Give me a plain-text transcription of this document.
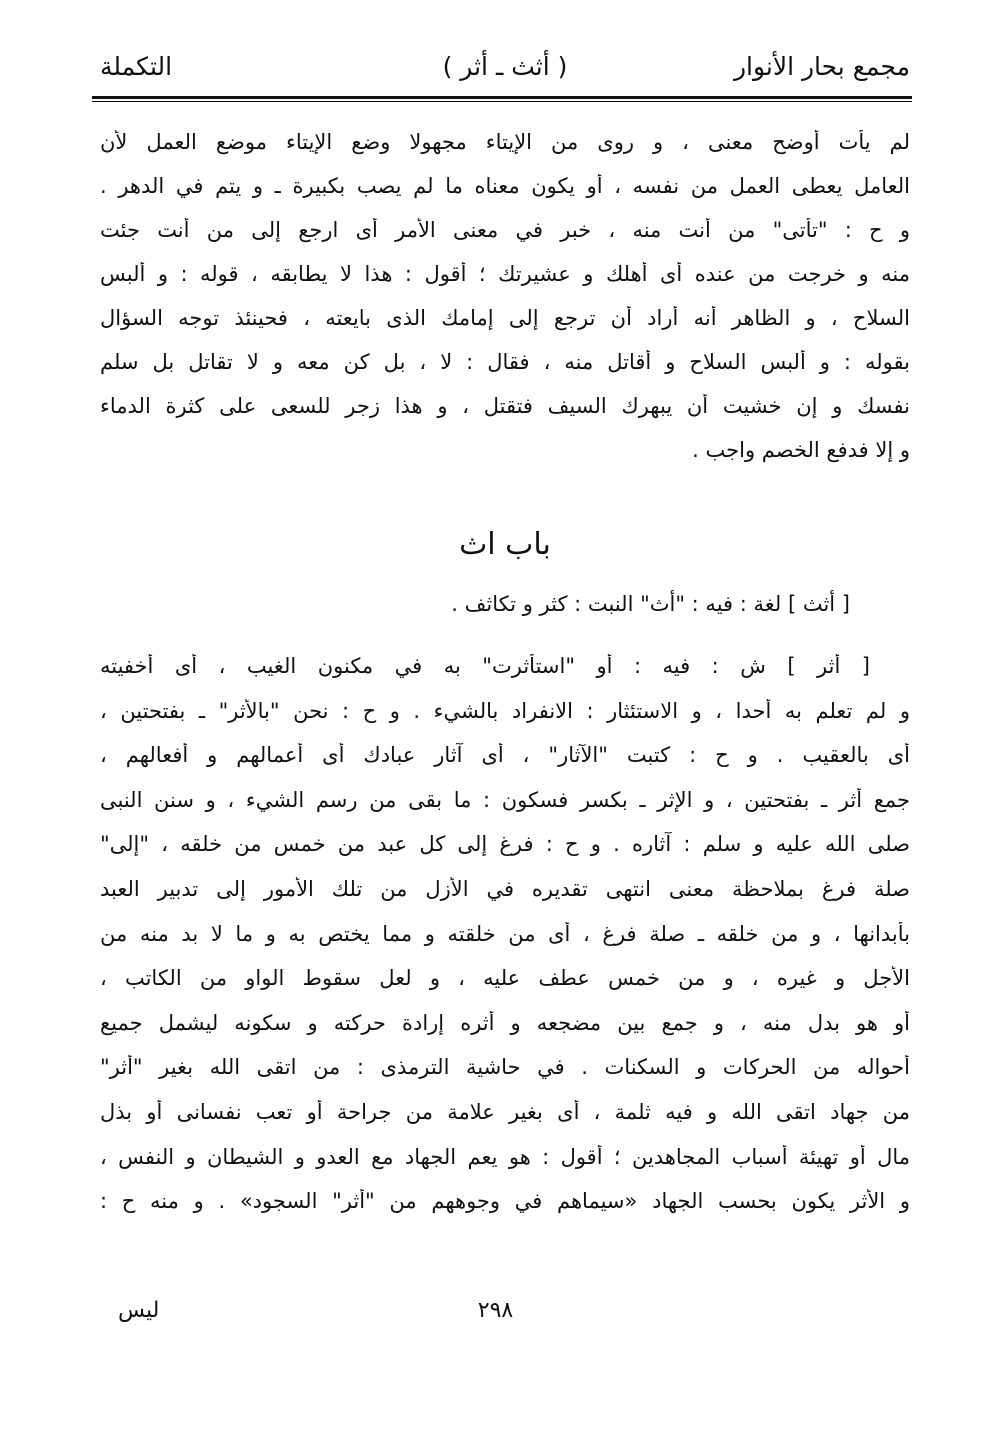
مجمع بحار الأنوار
( أثث ـ أثر )
التكملة
لم يأت أوضح معنى ، و روى من الإيتاء مجهولا وضع الإيتاء موضع العمل لأن
العامل يعطى العمل من نفسه ، أو يكون معناه ما لم يصب بكبيرة ـ و يتم في الدهر .
و ح : "تأتى" من أنت منه ، خبر في معنى الأمر أى ارجع إلى من أنت جئت
منه و خرجت من عنده أى أهلك و عشيرتك ؛ أقول : هذا لا يطابقه ، قوله : و ألبس
السلاح ، و الظاهر أنه أراد أن ترجع إلى إمامك الذى بايعته ، فحينئذ توجه السؤال
بقوله : و ألبس السلاح و أقاتل منه ، فقال : لا ، بل كن معه و لا تقاتل بل سلم
نفسك و إن خشيت أن يبهرك السيف فتقتل ، و هذا زجر للسعى على كثرة الدماء
و إلا فدفع الخصم واجب .
باب اث
[ أثث ] لغة : فيه : "أث" النبت : كثر و تكاثف .
[ أثر ] ش : فيه : أو "استأثرت" به في مكنون الغيب ، أى أخفيته
و لم تعلم به أحدا ، و الاستئثار : الانفراد بالشيء . و ح : نحن "بالأثر" ـ بفتحتين ،
أى بالعقيب . و ح : كتبت "الآثار" ، أى آثار عبادك أى أعمالهم و أفعالهم ،
جمع أثر ـ بفتحتين ، و الإثر ـ بكسر فسكون : ما بقى من رسم الشيء ، و سنن النبى
صلى الله عليه و سلم : آثاره . و ح : فرغ إلى كل عبد من خمس من خلقه ، "إلى"
صلة فرغ بملاحظة معنى انتهى تقديره في الأزل من تلك الأمور إلى تدبير العبد
بأبدانها ، و من خلقه ـ صلة فرغ ، أى من خلقته و مما يختص به و ما لا بد منه من
الأجل و غيره ، و من خمس عطف عليه ، و لعل سقوط الواو من الكاتب ،
أو هو بدل منه ، و جمع بين مضجعه و أثره إرادة حركته و سكونه ليشمل جميع
أحواله من الحركات و السكنات . في حاشية الترمذى : من اتقى الله بغير "أثر"
من جهاد اتقى الله و فيه ثلمة ، أى بغير علامة من جراحة أو تعب نفسانى أو بذل
مال أو تهيئة أسباب المجاهدين ؛ أقول : هو يعم الجهاد مع العدو و الشيطان و النفس ،
و الأثر يكون بحسب الجهاد «سيماهم في وجوههم من "أثر" السجود» . و منه ح :
٢٩٨
ليس
